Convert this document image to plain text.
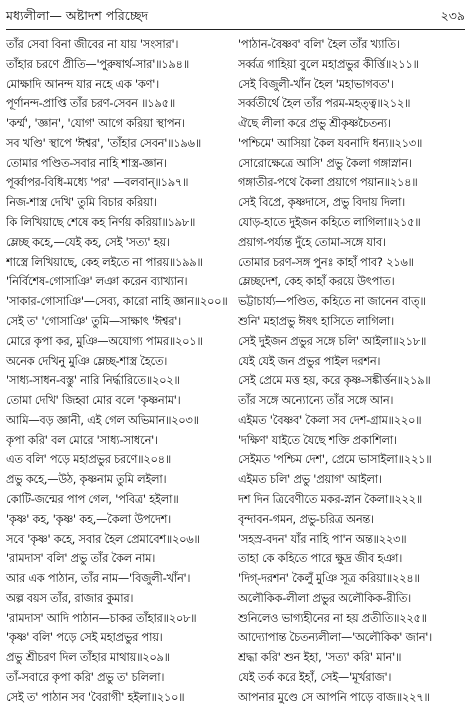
মধ্যলীলা— অষ্টাদশ পরিচ্ছেদ	২৩৯
তাঁর সেবা বিনা জীবের না যায় 'সংসার'।
তাঁহার চরণে প্রীতি—'পুরুষার্থ-সার'॥১৯৪॥
মোক্ষাদি আনন্দ যার নহে এক 'কণ'।
পূর্ণানন্দ-প্রাপ্তি তাঁর চরণ-সেবন ॥১৯৫॥
'কর্ম্ম', 'জ্ঞান', 'যোগ' আগে করিয়া স্থাপন।
সব খণ্ডি' স্থাপে 'ঈশ্বর', 'তাঁহার সেবন'॥১৯৬॥
তোমার পণ্ডিত-সবার নাহি শাস্ত্র-জ্ঞান।
পূর্ব্বাপর-বিধি-মধ্যে 'পর' —বলবান্॥১৯৭॥
নিজ-শাস্ত্র দেখি' তুমি বিচার করিয়া।
কি লিখিয়াছে শেষে কহ নির্ণয় করিয়া॥১৯৮॥
ম্লেচ্ছ কহে,—যেই কহ, সেই 'সত্য' হয়।
শাস্ত্রে লিখিয়াছে, কেহ লইতে না পারয়॥১৯৯॥
'নির্বিশেষ-গোসাঞি' লঞা করেন ব্যাখ্যান।
'সাকার-গোসাঞি'—সেব্য, কারো নাহি জ্ঞান॥২০০॥
সেই ত' 'গোসাঞি' তুমি—সাক্ষাৎ 'ঈশ্বর'।
মোরে কৃপা কর, মুঞি—অযোগ্য পামর॥২০১॥
অনেক দেখিনু মুঞি ম্লেচ্ছ-শাস্ত্র হৈতে।
'সাধ্য-সাধন-বস্তু' নারি নির্দ্ধারিতে॥২০২॥
তোমা দেখি' জিহ্বা মোর বলে 'কৃষ্ণনাম'।
আমি—বড় জ্ঞানী, এই গেল অভিমান॥২০৩॥
কৃপা করি' বল মোরে 'সাধ্য-সাধনে'।
এত বলি' পড়ে মহাপ্রভুর চরণে॥২০৪॥
প্রভু কহে,—উঠ, কৃষ্ণনাম তুমি লইলা।
কোটি-জন্মের পাপ গেল, 'পবিত্র' হইলা॥
'কৃষ্ণ' কহ, 'কৃষ্ণ' কহ,—কৈলা উপদেশ।
সবে 'কৃষ্ণ' কহে, সবার হৈল প্রেমাবেশ॥২০৬॥
'রামদাস' বলি' প্রভু তাঁর কৈল নাম।
আর এক পাঠান, তাঁর নাম—'বিজুলী-খাঁন'।
অল্প বয়স তাঁর, রাজার কুমার।
'রামদাস' আদি পাঠান—চাকর তাঁহার॥২০৮॥
'কৃষ্ণ' বলি' পড়ে সেই মহাপ্রভুর পায়।
প্রভু শ্রীচরণ দিল তাঁহার মাথায়॥২০৯॥
তাঁ-সবারে কৃপা করি' প্রভু ত' চলিলা।
সেই ত' পাঠান সব 'বৈরাগী' হইলা॥২১০॥
'পাঠান-বৈষ্ণব' বলি' হৈল তাঁর খ্যাতি।
সর্ব্বত্র গাহিয়া বুলে মহাপ্রভুর কীর্ত্তি॥২১১॥
সেই বিজুলী-খাঁন হৈল 'মহাভাগবত'।
সর্ব্বতীর্থে হৈল তাঁর পরম-মহত্ত্ব॥২১২॥
ঐছে লীলা করে প্রভু শ্রীকৃষ্ণচৈতন্য।
'পশ্চিমে' আসিয়া কৈল যবনাদি ধন্য॥২১৩॥
সোরোক্ষেত্রে আসি' প্রভু কৈলা গঙ্গাস্নান।
গঙ্গাতীর-পথে কৈলা প্রয়াগে পয়ান॥২১৪॥
সেই বিপ্রে, কৃষ্ণদাসে, প্রভু বিদায় দিলা।
যোড়-হাতে দুইজন কহিতে লাগিলা॥২১৫॥
প্রয়াগ-পর্য্যন্ত দুঁহে তোমা-সঙ্গে যাব।
তোমার চরণ-সঙ্গ পুনঃ কাহাঁ পাব? ২১৬॥
ম্লেচ্ছদেশ, কেহ কাহাঁ করয়ে উৎপাত।
ভট্টাচার্য্য—পণ্ডিত, কহিতে না জানেন বাত্॥
শুনি' মহাপ্রভু ঈষৎ হাসিতে লাগিলা।
সেই দুইজন প্রভুর সঙ্গে চলি' আইলা॥২১৮॥
যেই যেই জন প্রভুর পাইল দরশন।
সেই প্রেমে মত্ত হয়, করে কৃষ্ণ-সঙ্কীর্ত্তন॥২১৯॥
তাঁর সঙ্গে অন্যোন্যে তাঁর সঙ্গে আন।
এইমত 'বৈষ্ণব' কৈলা সব দেশ-গ্রাম॥২২০॥
'দক্ষিণ' যাইতে যৈছে শক্তি প্রকাশিলা।
সেইমত 'পশ্চিম দেশ', প্রেমে ভাসাইলা॥২২১॥
এইমত চলি' প্রভু 'প্রয়াগ' আইলা।
দশ দিন ত্রিবেণীতে মকর-স্নান কৈলা॥২২২॥
বৃন্দাবন-গমন, প্রভু-চরিত্র অনন্ত।
'সহস্র-বদন' যাঁর নাহি পা'ন অন্ত॥২২৩॥
তাহা কে কহিতে পারে ক্ষুদ্র জীব হঞা।
'দিগ্-দরশন' কৈলুঁ মুঞি সূত্র করিয়া॥২২৪॥
অলৌকিক-লীলা প্রভুর অলৌকিক-রীতি।
শুনিলেও ভাগ্যহীনের না হয় প্রতীতি॥২২৫॥
আদ্যোপান্ত চৈতন্যলীলা—'অলৌকিক' জান'।
শ্রদ্ধা করি' শুন ইহা, 'সত্য' করি' মান'॥
যেই তর্ক করে ইহাঁ, সেই—'মূর্খরাজ'।
আপনার মুণ্ডে সে আপনি পাড়ে বাজ॥২২৭॥
